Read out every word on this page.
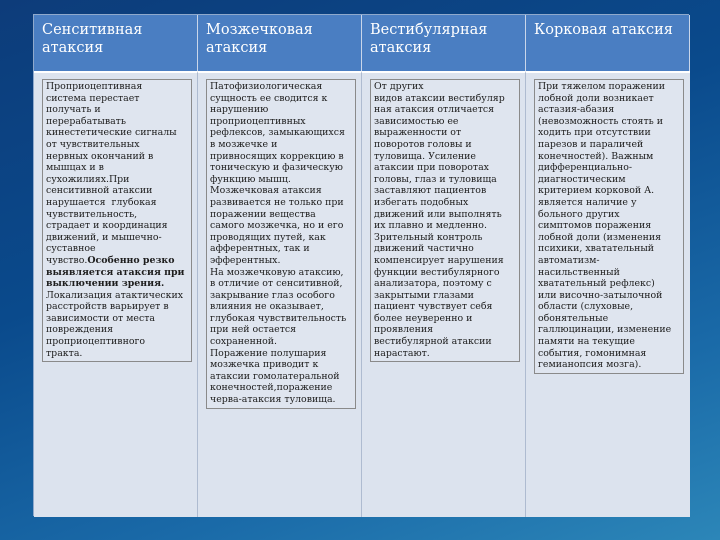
Сенситивная атаксия
Мозжечковая атаксия
Вестибулярная атаксия
Корковая атаксия
Проприоцептивная
система перестает
получать и
перерабатывать
кинестетические сигналы
от чувствительных
нервных окончаний в
мышцах и в
сухожилиях.При
сенситивной атаксии
нарушается  глубокая
чувствительность,
страдает и координация
движений, и мышечно-
суставное
чувство.Особенно резко
выявляется атаксия при
выключении зрения.
Локализация атактических
расстройств варьирует в
зависимости от места
повреждения
проприоцептивного
тракта.
Патофизиологическая
сущность ее сводится к
нарушению
проприоцептивных
рефлексов, замыкающихся
в мозжечке и
привносящих коррекцию в
тоническую и фазическую
функцию мышц.
Мозжечковая атаксия
развивается не только при
поражении вещества
самого мозжечка, но и его
проводящих путей, как
афферентных, так и
эфферентных.
На мозжечковую атаксию,
в отличие от сенситивной,
закрывание глаз особого
влияния не оказывает,
глубокая чувствительность
при ней остается
сохраненной.
Поражение полушария
мозжечка приводит к
атаксии гомолатеральной
конечностей,поражение
черва-атаксия туловища.
От других
видов атаксии вестибуляр
ная атаксия отличается
зависимостью ее
выраженности от
поворотов головы и
туловища. Усиление
атаксии при поворотах
головы, глаз и туловища
заставляют пациентов
избегать подобных
движений или выполнять
их плавно и медленно.
Зрительный контроль
движений частично
компенсирует нарушения
функции вестибулярного
анализатора, поэтому с
закрытыми глазами
пациент чувствует себя
более неуверенно и
проявления
вестибулярной атаксии
нарастают.
При тяжелом поражении
лобной доли возникает
астазия-абазия
(невозможность стоять и
ходить при отсутствии
парезов и параличей
конечностей). Важным
дифференциально-
диагностическим
критерием корковой А.
является наличие у
больного других
симптомов поражения
лобной доли (изменения
психики, хватательный
автоматизм-
насильственный
хватательный рефлекс)
или височно-затылочной
области (слуховые,
обонятельные
галлюцинации, изменение
памяти на текущие
события, гомонимная
гемианопсия мозга).
